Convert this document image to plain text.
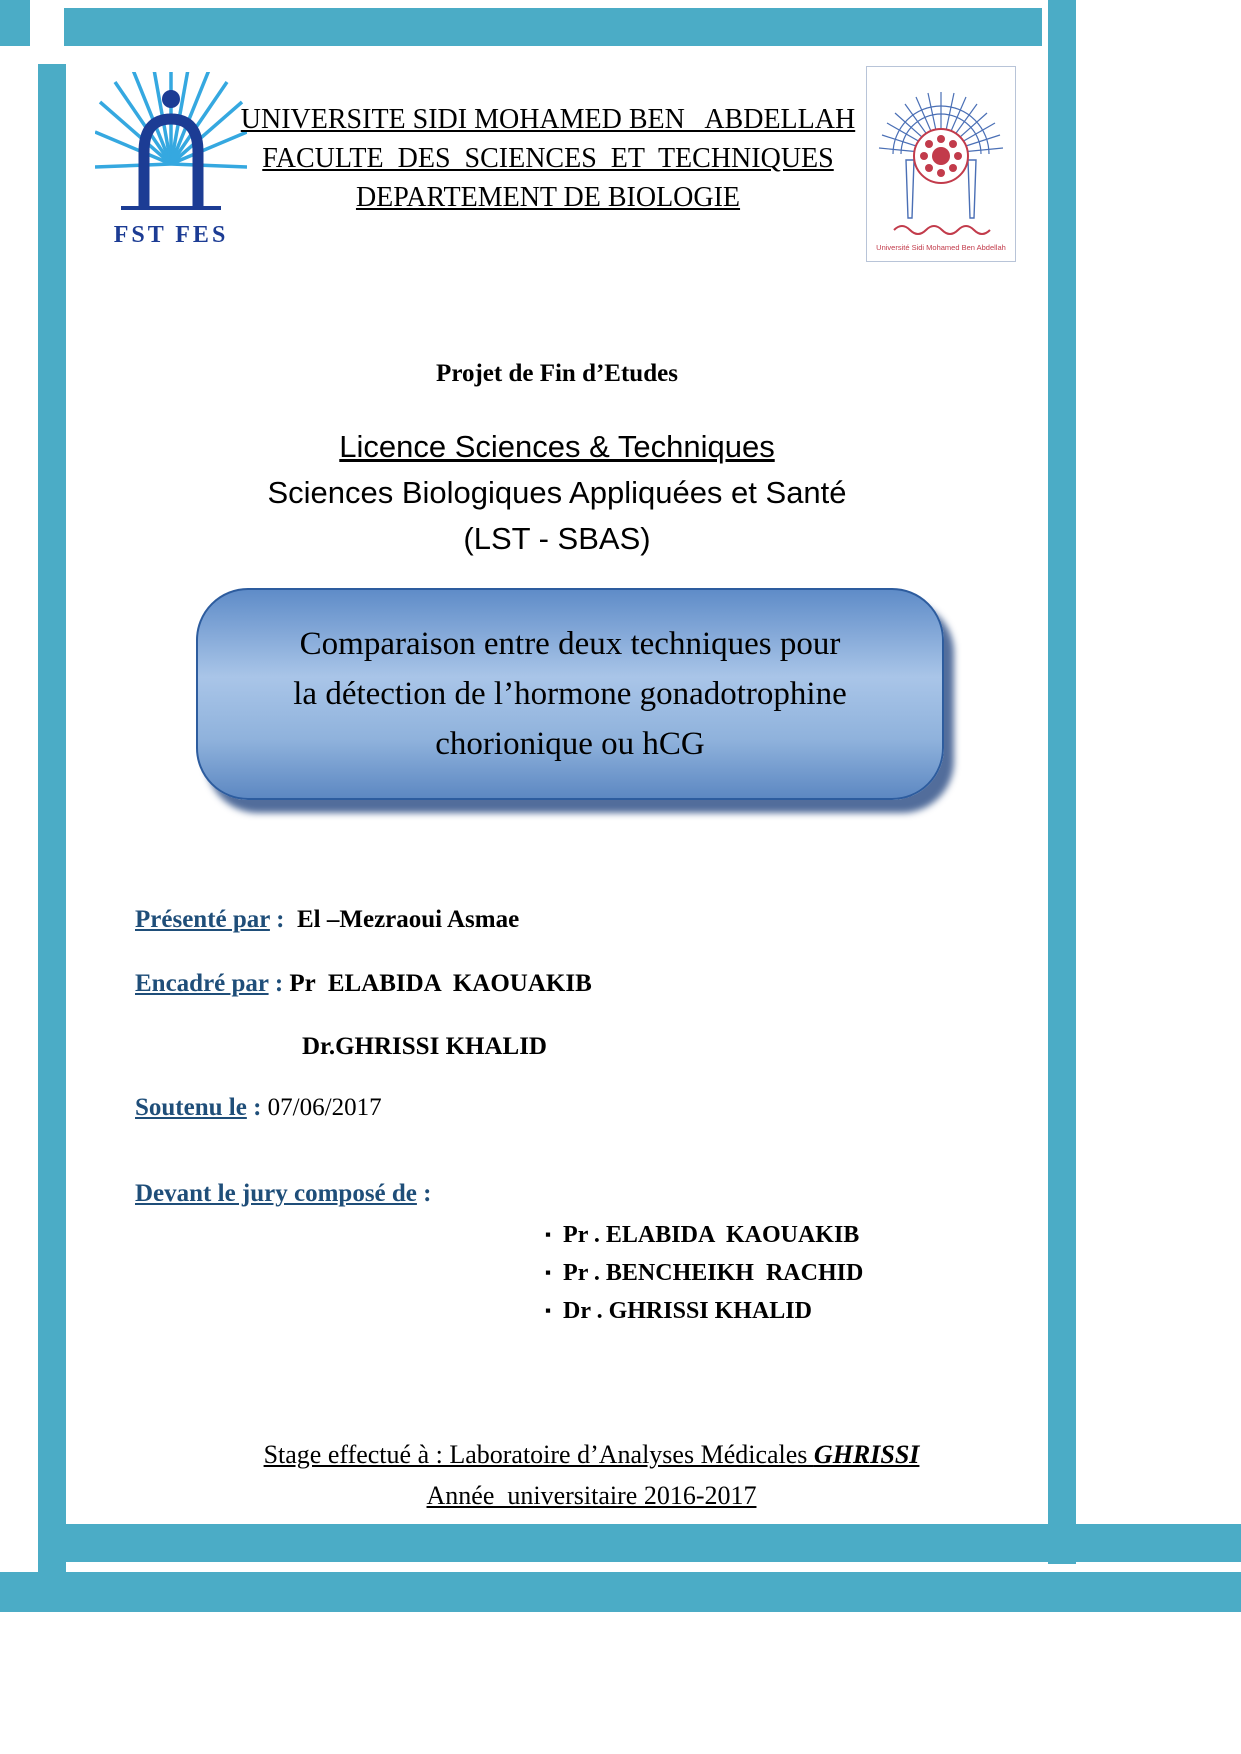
FST FES	Université Sidi Mohamed Ben Abdellah
UNIVERSITE SIDI MOHAMED BEN   ABDELLAH
FACULTE  DES  SCIENCES  ET  TECHNIQUES
DEPARTEMENT DE BIOLOGIE
Projet de Fin d’Etudes
Licence Sciences & Techniques
Sciences Biologiques Appliquées et Santé
(LST - SBAS)
Comparaison entre deux techniques pour
la détection de l’hormone gonadotrophine
chorionique ou hCG
Présenté par :  El –Mezraoui Asmae
Encadré par : Pr  ELABIDA  KAOUAKIB
Dr.GHRISSI KHALID
Soutenu le : 07/06/2017
Devant le jury composé de :
▪ Pr . ELABIDA  KAOUAKIB
▪ Pr . BENCHEIKH  RACHID
▪ Dr . GHRISSI KHALID
Stage effectué à : Laboratoire d’Analyses Médicales GHRISSI
Année  universitaire 2016-2017
